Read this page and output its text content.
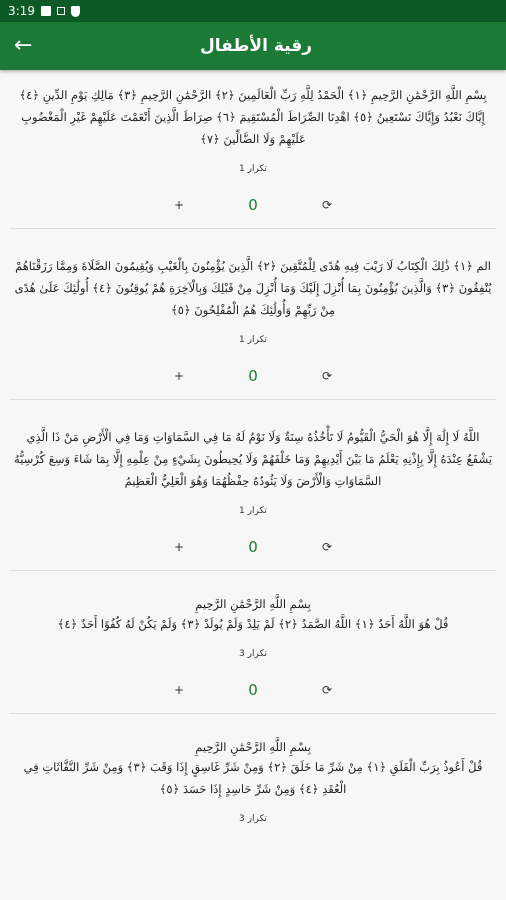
3:19
←	رقية الأطفال

بِسْمِ اللَّهِ الرَّحْمَٰنِ الرَّحِيمِ ﴿١﴾ الْحَمْدُ لِلَّهِ رَبِّ الْعَالَمِينَ ﴿٢﴾ الرَّحْمَٰنِ الرَّحِيمِ ﴿٣﴾ مَالِكِ يَوْمِ الدِّينِ ﴿٤﴾ إِيَّاكَ نَعْبُدُ وَإِيَّاكَ نَسْتَعِينُ ﴿٥﴾ اهْدِنَا الصِّرَاطَ الْمُسْتَقِيمَ ﴿٦﴾ صِرَاطَ الَّذِينَ أَنْعَمْتَ عَلَيْهِمْ غَيْرِ الْمَغْضُوبِ عَلَيْهِمْ وَلَا الضَّالِّينَ ﴿٧﴾

تكرار 1
+	0	⟳

الم ﴿١﴾ ذَٰلِكَ الْكِتَابُ لَا رَيْبَ فِيهِ هُدًى لِلْمُتَّقِينَ ﴿٢﴾ الَّذِينَ يُؤْمِنُونَ بِالْغَيْبِ وَيُقِيمُونَ الصَّلَاةَ وَمِمَّا رَزَقْنَاهُمْ يُنْفِقُونَ ﴿٣﴾ وَالَّذِينَ يُؤْمِنُونَ بِمَا أُنْزِلَ إِلَيْكَ وَمَا أُنْزِلَ مِنْ قَبْلِكَ وَبِالْآخِرَةِ هُمْ يُوقِنُونَ ﴿٤﴾ أُولَٰئِكَ عَلَىٰ هُدًى مِنْ رَبِّهِمْ وَأُولَٰئِكَ هُمُ الْمُفْلِحُونَ ﴿٥﴾

تكرار 1
+	0	⟳

اللَّهُ لَا إِلَٰهَ إِلَّا هُوَ الْحَيُّ الْقَيُّومُ لَا تَأْخُذُهُ سِنَةٌ وَلَا نَوْمٌ لَهُ مَا فِي السَّمَاوَاتِ وَمَا فِي الْأَرْضِ مَنْ ذَا الَّذِي يَشْفَعُ عِنْدَهُ إِلَّا بِإِذْنِهِ يَعْلَمُ مَا بَيْنَ أَيْدِيهِمْ وَمَا خَلْفَهُمْ وَلَا يُحِيطُونَ بِشَيْءٍ مِنْ عِلْمِهِ إِلَّا بِمَا شَاءَ وَسِعَ كُرْسِيُّهُ السَّمَاوَاتِ وَالْأَرْضَ وَلَا يَئُودُهُ حِفْظُهُمَا وَهُوَ الْعَلِيُّ الْعَظِيمُ

تكرار 1
+	0	⟳
بِسْمِ اللَّهِ الرَّحْمَٰنِ الرَّحِيمِ

قُلْ هُوَ اللَّهُ أَحَدٌ ﴿١﴾ اللَّهُ الصَّمَدُ ﴿٢﴾ لَمْ يَلِدْ وَلَمْ يُولَدْ ﴿٣﴾ وَلَمْ يَكُنْ لَهُ كُفُوًا أَحَدٌ ﴿٤﴾

تكرار 3
+	0	⟳
بِسْمِ اللَّهِ الرَّحْمَٰنِ الرَّحِيمِ

قُلْ أَعُوذُ بِرَبِّ الْفَلَقِ ﴿١﴾ مِنْ شَرِّ مَا خَلَقَ ﴿٢﴾ وَمِنْ شَرِّ غَاسِقٍ إِذَا وَقَبَ ﴿٣﴾ وَمِنْ شَرِّ النَّفَّاثَاتِ فِي الْعُقَدِ ﴿٤﴾ وَمِنْ شَرِّ حَاسِدٍ إِذَا حَسَدَ ﴿٥﴾

تكرار 3
